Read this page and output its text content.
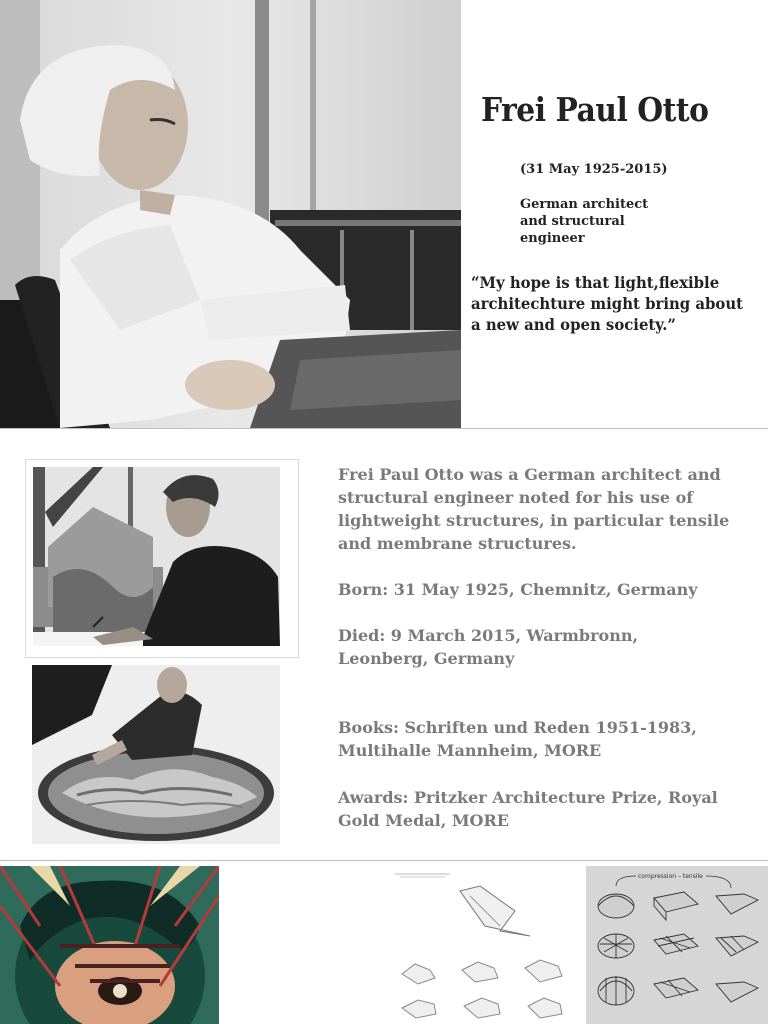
Frei Paul Otto
(31 May 1925-2015)
German architect and structural engineer
“My hope is that light,flexible architechture might bring about a new and open society.”
Frei Paul Otto was a German architect and structural engineer noted for his use of lightweight structures, in particular tensile and membrane structures.
Born: 31 May 1925, Chemnitz, Germany
Died: 9 March 2015, Warmbronn, Leonberg, Germany
Books: Schriften und Reden 1951-1983, Multihalle Mannheim, MORE
Awards: Pritzker Architecture Prize, Royal Gold Medal, MORE
compression – tensile
